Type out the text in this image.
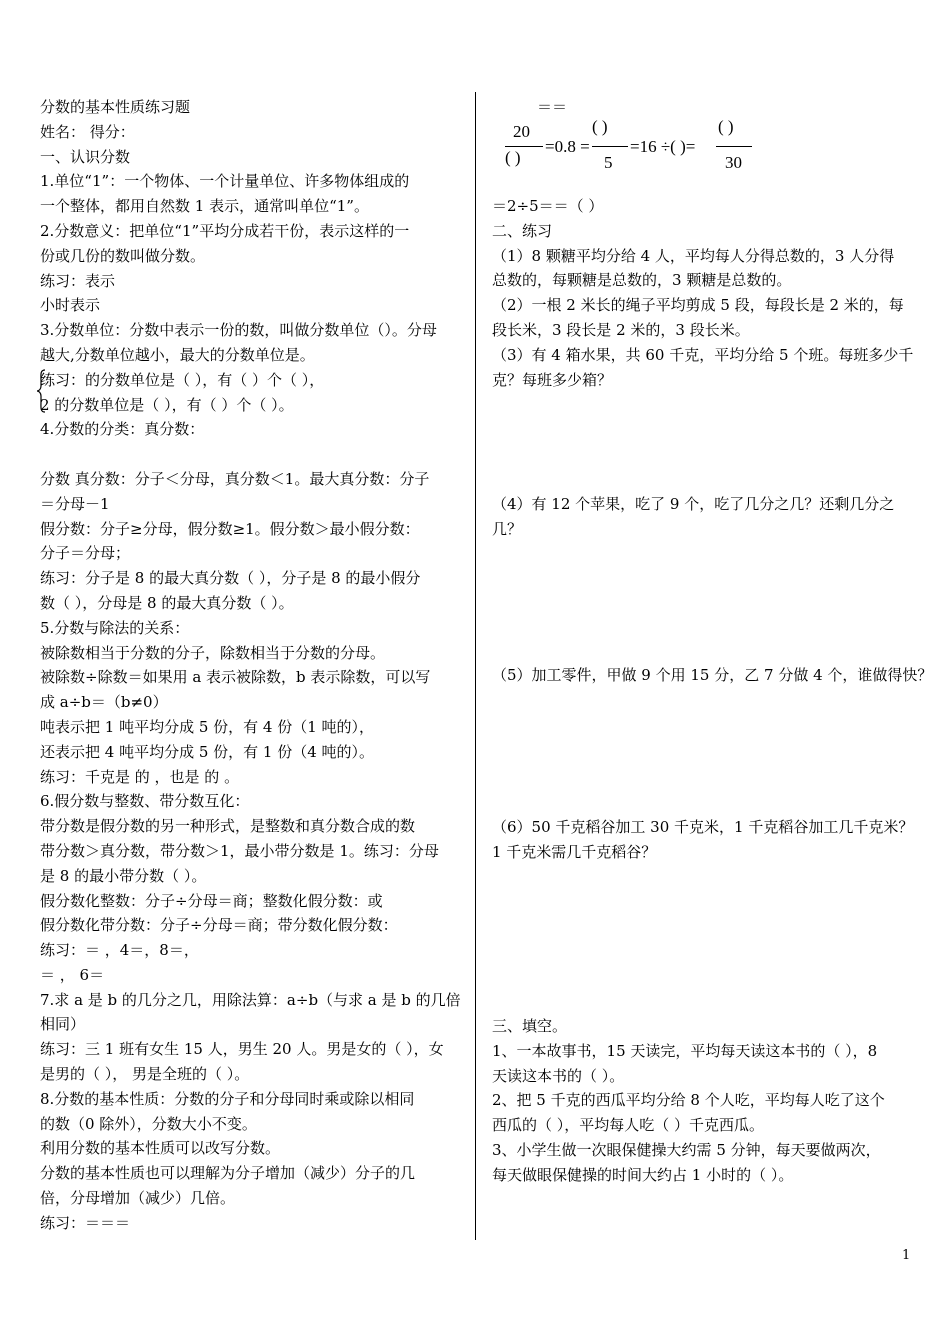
分数的基本性质练习题
姓名： 得分：
一、认识分数
1.单位“1”：一个物体、一个计量单位、许多物体组成的
一个整体，都用自然数 1 表示，通常叫单位“1”。
2.分数意义：把单位“1”平均分成若干份，表示这样的一
份或几份的数叫做分数。
练习：表示
小时表示
3.分数单位：分数中表示一份的数，叫做分数单位（）。分母
越大,分数单位越小，最大的分数单位是。
练习：的分数单位是（ ），有（ ）个（ ），
2 的分数单位是（ ），有（ ）个（ ）。
4.分数的分类：真分数：
分数 真分数：分子＜分母，真分数＜1。最大真分数：分子
＝分母－1
假分数：分子≥分母，假分数≥1。假分数＞最小假分数：
分子＝分母；
练习：分子是 8 的最大真分数（ ），分子是 8 的最小假分
数（ ），分母是 8 的最大真分数（ ）。
5.分数与除法的关系：
被除数相当于分数的分子，除数相当于分数的分母。
被除数÷除数＝如果用 a 表示被除数，b 表示除数，可以写
成 a÷b＝（b≠0）
吨表示把 1 吨平均分成 5 份，有 4 份（1 吨的），
还表示把 4 吨平均分成 5 份，有 1 份（4 吨的）。
练习：千克是 的 ，也是 的 。
6.假分数与整数、带分数互化：
带分数是假分数的另一种形式，是整数和真分数合成的数
带分数＞真分数，带分数＞1，最小带分数是 1。练习：分母
是 8 的最小带分数（ ）。
假分数化整数：分子÷分母＝商；整数化假分数：或
假分数化带分数：分子÷分母＝商；带分数化假分数：
练习：＝ ，4＝，8＝，
＝ ， 6＝
7.求 a 是 b 的几分之几，用除法算：a÷b（与求 a 是 b 的几倍
相同）
练习：三 1 班有女生 15 人，男生 20 人。男是女的（ ），女
是男的（ ）， 男是全班的（ ）。
8.分数的基本性质：分数的分子和分母同时乘或除以相同
的数（0 除外），分数大小不变。
利用分数的基本性质可以改写分数。
分数的基本性质也可以理解为分子增加（减少）分子的几
倍，分母增加（减少）几倍。
练习：＝＝＝
＝＝
20
( )
=0.8 =
( )
5
=16 ÷( )=
( )
30
＝2÷5＝＝（ ）
二、练习
（1）8 颗糖平均分给 4 人，平均每人分得总数的，3 人分得
总数的，每颗糖是总数的，3 颗糖是总数的。
（2）一根 2 米长的绳子平均剪成 5 段，每段长是 2 米的，每
段长米，3 段长是 2 米的，3 段长米。
（3）有 4 箱水果，共 60 千克，平均分给 5 个班。每班多少千
克？每班多少箱？
（4）有 12 个苹果，吃了 9 个，吃了几分之几？还剩几分之
几？
（5）加工零件，甲做 9 个用 15 分，乙 7 分做 4 个，谁做得快？
（6）50 千克稻谷加工 30 千克米，1 千克稻谷加工几千克米？
1 千克米需几千克稻谷？
三、填空。
1、一本故事书，15 天读完，平均每天读这本书的（ ），8
天读这本书的（ ）。
2、把 5 千克的西瓜平均分给 8 个人吃，平均每人吃了这个
西瓜的（ ），平均每人吃（ ）千克西瓜。
3、小学生做一次眼保健操大约需 5 分钟，每天要做两次，
每天做眼保健操的时间大约占 1 小时的（ ）。
1
